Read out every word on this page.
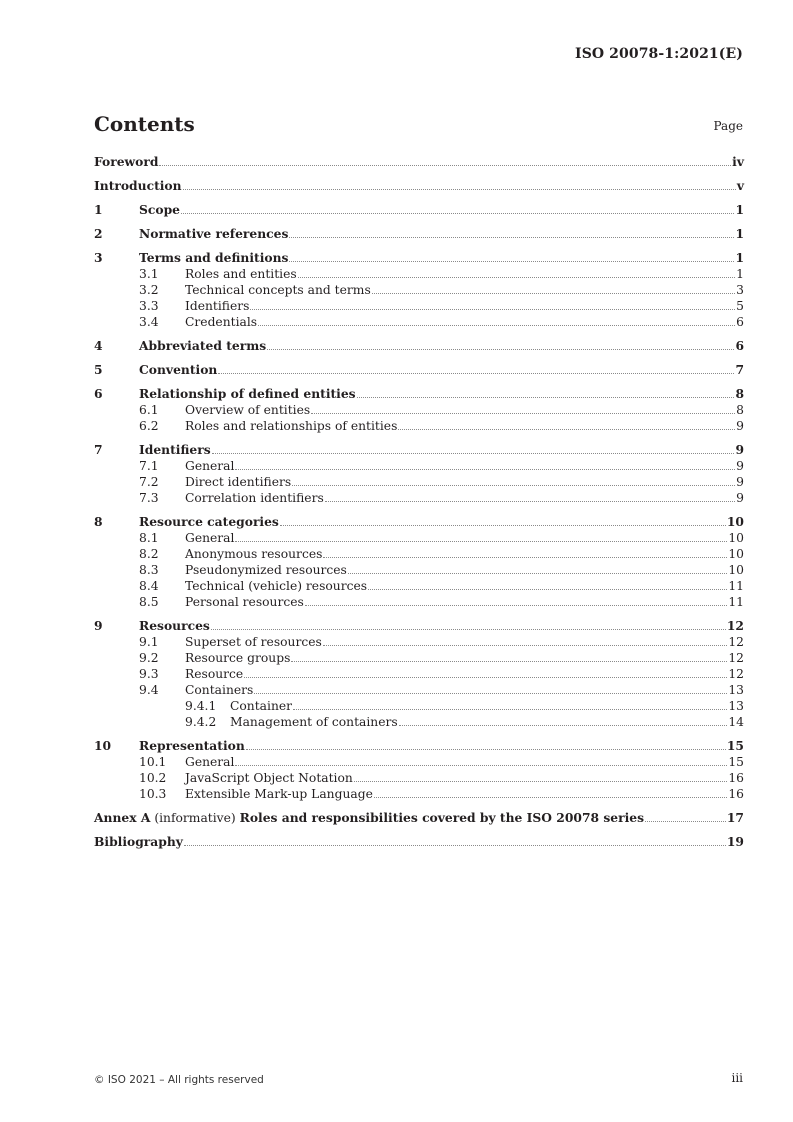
ISO 20078-1:2021(E)
Contents	Page
Foreword	iv
Introduction	v
1	Scope	1
2	Normative references	1
3	Terms and definitions	1
3.1	Roles and entities	1
3.2	Technical concepts and terms	3
3.3	Identifiers	5
3.4	Credentials	6
4	Abbreviated terms	6
5	Convention	7
6	Relationship of defined entities	8
6.1	Overview of entities	8
6.2	Roles and relationships of entities	9
7	Identifiers	9
7.1	General	9
7.2	Direct identifiers	9
7.3	Correlation identifiers	9
8	Resource categories	10
8.1	General	10
8.2	Anonymous resources	10
8.3	Pseudonymized resources	10
8.4	Technical (vehicle) resources	11
8.5	Personal resources	11
9	Resources	12
9.1	Superset of resources	12
9.2	Resource groups	12
9.3	Resource	12
9.4	Containers	13
9.4.1	Container	13
9.4.2	Management of containers	14
10	Representation	15
10.1	General	15
10.2	JavaScript Object Notation	16
10.3	Extensible Mark-up Language	16
Annex A (informative) Roles and responsibilities covered by the ISO 20078 series	17
Bibliography	19
© ISO 2021 – All rights reserved	iii
